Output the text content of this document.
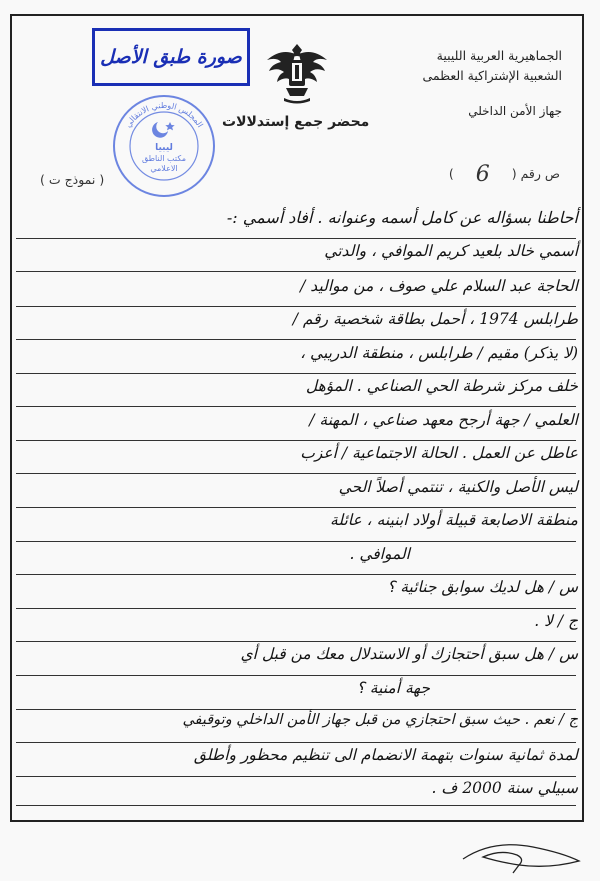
صورة طبق الأصل	الجماهيرية العربية الليبية
الشعبية الإشتراكية العظمى
جهاز الأمن الداخلي
المجلس الوطني الانتقالي
ليبيا
مكتب الناطق
الاعلامي
محضر جمع إستدلالات
( نموذج ت )	ص رقم (6)
أحاطنا بسؤاله عن كامل أسمه وعنوانه . أفاد أسمي :-
أسمي خالد بلعيد كريم الموافي ، والدتي
الحاجة عبد السلام علي صوف ، من مواليد /
طرابلس 1974 ، أحمل بطاقة شخصية رقم /
(لا يذكر) مقيم / طرابلس ، منطقة الدريبي ،
خلف مركز شرطة الحي الصناعي . المؤهل
العلمي / جهة أرجح معهد صناعي ، المهنة /
عاطل عن العمل . الحالة الاجتماعية / أعزب
ليس الأصل والكنية ، تنتمي أصلاً الحي
منطقة الاصابعة قبيلة أولاد ابنينه ، عائلة
الموافي .
س / هل لديك سوابق جنائية ؟
ج / لا .
س / هل سبق أحتجازك أو الاستدلال معك من قبل أي
جهة أمنية ؟
ج / نعم . حيث سبق احتجازي من قبل جهاز الأمن الداخلي وتوقيفي
لمدة ثمانية سنوات بتهمة الانضمام الى تنظيم محظور وأطلق
سبيلي سنة 2000 ف .
